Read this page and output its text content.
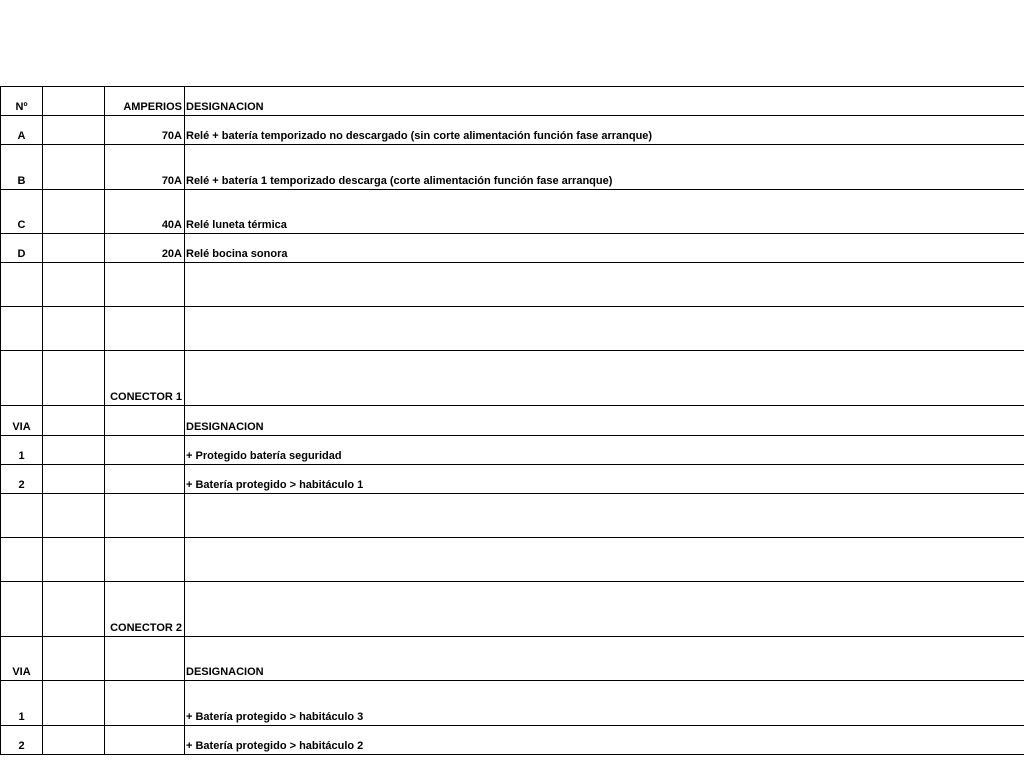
Nº		AMPERIOS	DESIGNACION
A		70A	Relé + batería temporizado no descargado (sin corte alimentación función fase arranque)
B		70A	Relé + batería 1 temporizado descarga (corte alimentación función fase arranque)
C		40A	Relé luneta térmica
D		20A	Relé bocina sonora

		CONECTOR 1	
VIA			DESIGNACION
1			+ Protegido batería seguridad
2			+ Batería protegido > habitáculo 1

		CONECTOR 2	
VIA			DESIGNACION
1			+ Batería protegido > habitáculo 3
2			+ Batería protegido > habitáculo 2
